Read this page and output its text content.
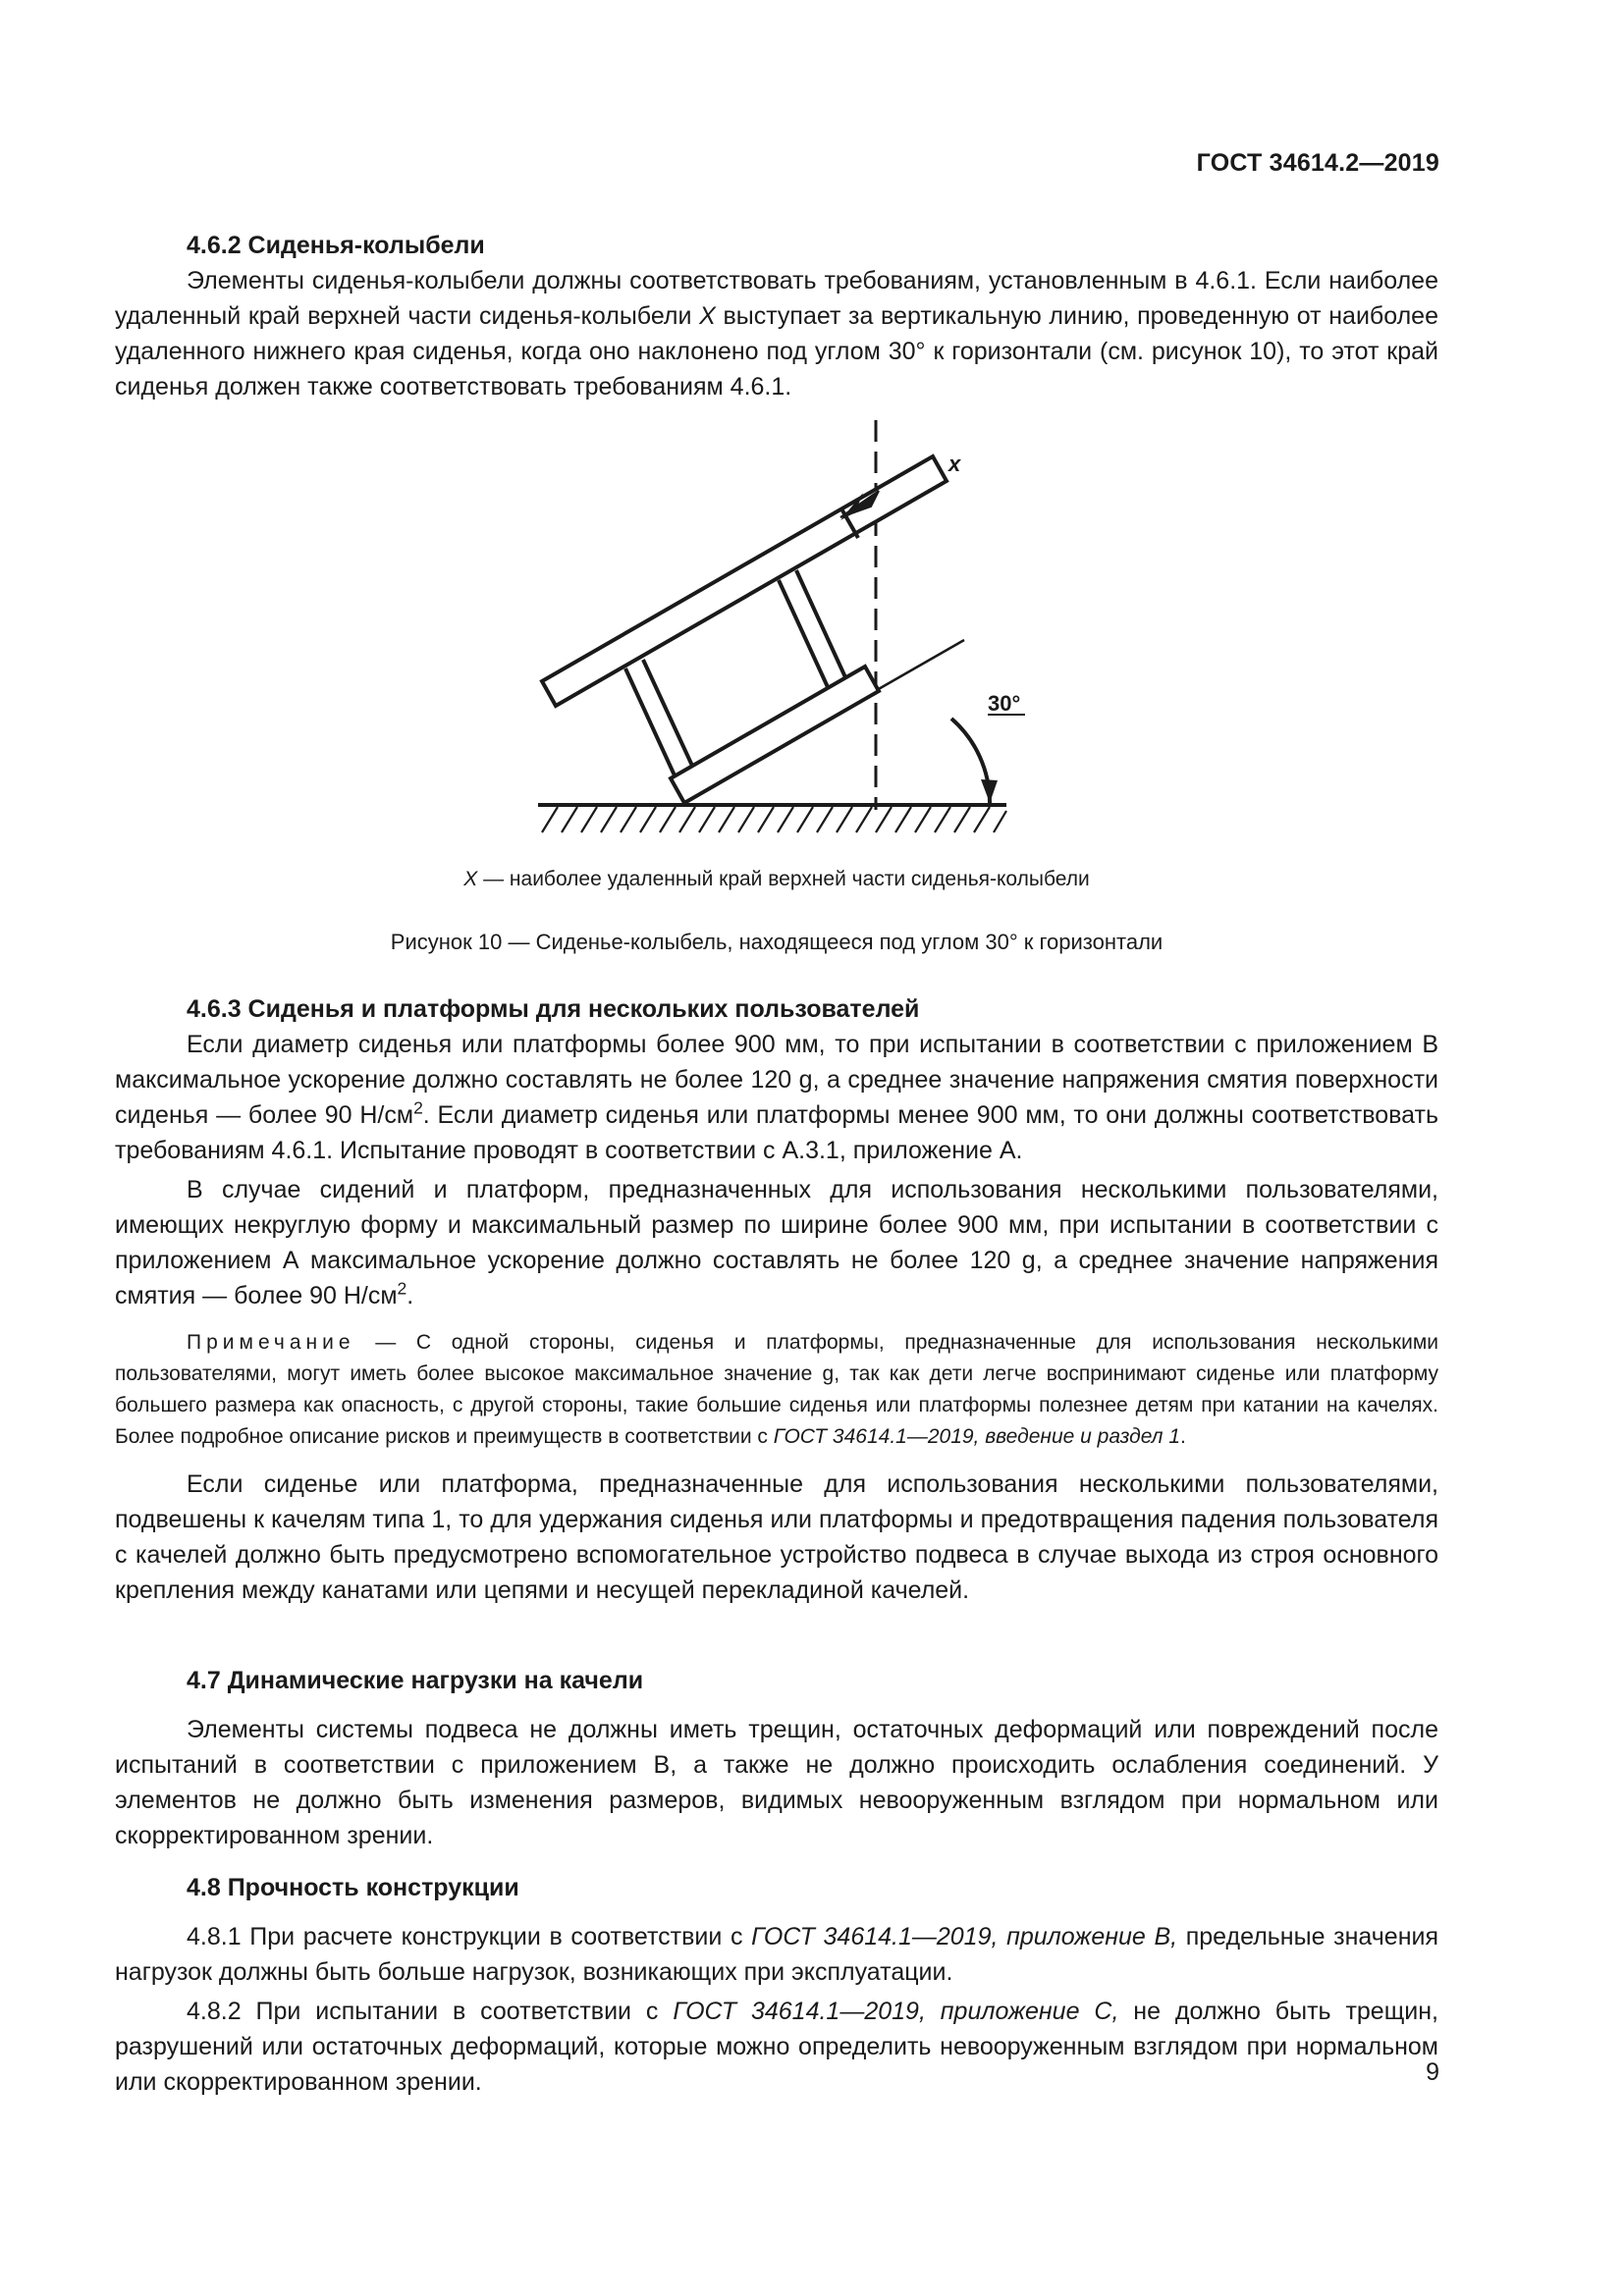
ГОСТ 34614.2—2019
4.6.2 Сиденья-колыбели

Элементы сиденья-колыбели должны соответствовать требованиям, установленным в 4.6.1. Если наиболее удаленный край верхней части сиденья-колыбели X выступает за вертикальную линию, проведенную от наиболее удаленного нижнего края сиденья, когда оно наклонено под углом 30° к горизонтали (см. рисунок 10), то этот край сиденья должен также соответствовать требованиям 4.6.1.

x
30°
X — наиболее удаленный край верхней части сиденья-колыбели
Рисунок 10 — Сиденье-колыбель, находящееся под углом 30° к горизонтали
4.6.3 Сиденья и платформы для нескольких пользователей

Если диаметр сиденья или платформы более 900 мм, то при испытании в соответствии с приложением В максимальное ускорение должно составлять не более 120 g, а среднее значение напряжения смятия поверхности сиденья — более 90 $Н/см^2$. Если диаметр сиденья или платформы менее 900 мм, то они должны соответствовать требованиям 4.6.1. Испытание проводят в соответствии с А.3.1, приложение А.

В случае сидений и платформ, предназначенных для использования несколькими пользователями, имеющих некруглую форму и максимальный размер по ширине более 900 мм, при испытании в соответствии с приложением А максимальное ускорение должно составлять не более 120 g, а среднее значение напряжения смятия — более 90 $Н/см^2$.

Примечание — С одной стороны, сиденья и платформы, предназначенные для использования несколькими пользователями, могут иметь более высокое максимальное значение g, так как дети легче воспринимают сиденье или платформу большего размера как опасность, с другой стороны, такие большие сиденья или платформы полезнее детям при катании на качелях. Более подробное описание рисков и преимуществ в соответствии с ГОСТ 34614.1—2019, введение и раздел 1.

Если сиденье или платформа, предназначенные для использования несколькими пользователями, подвешены к качелям типа 1, то для удержания сиденья или платформы и предотвращения падения пользователя с качелей должно быть предусмотрено вспомогательное устройство подвеса в случае выхода из строя основного крепления между канатами или цепями и несущей перекладиной качелей.

4.7 Динамические нагрузки на качели

Элементы системы подвеса не должны иметь трещин, остаточных деформаций или повреждений после испытаний в соответствии с приложением В, а также не должно происходить ослабления соединений. У элементов не должно быть изменения размеров, видимых невооруженным взглядом при нормальном или скорректированном зрении.

4.8 Прочность конструкции

4.8.1 При расчете конструкции в соответствии с ГОСТ 34614.1—2019, приложение В, предельные значения нагрузок должны быть больше нагрузок, возникающих при эксплуатации.

4.8.2 При испытании в соответствии с ГОСТ 34614.1—2019, приложение С, не должно быть трещин, разрушений или остаточных деформаций, которые можно определить невооруженным взглядом при нормальном или скорректированном зрении.	9
